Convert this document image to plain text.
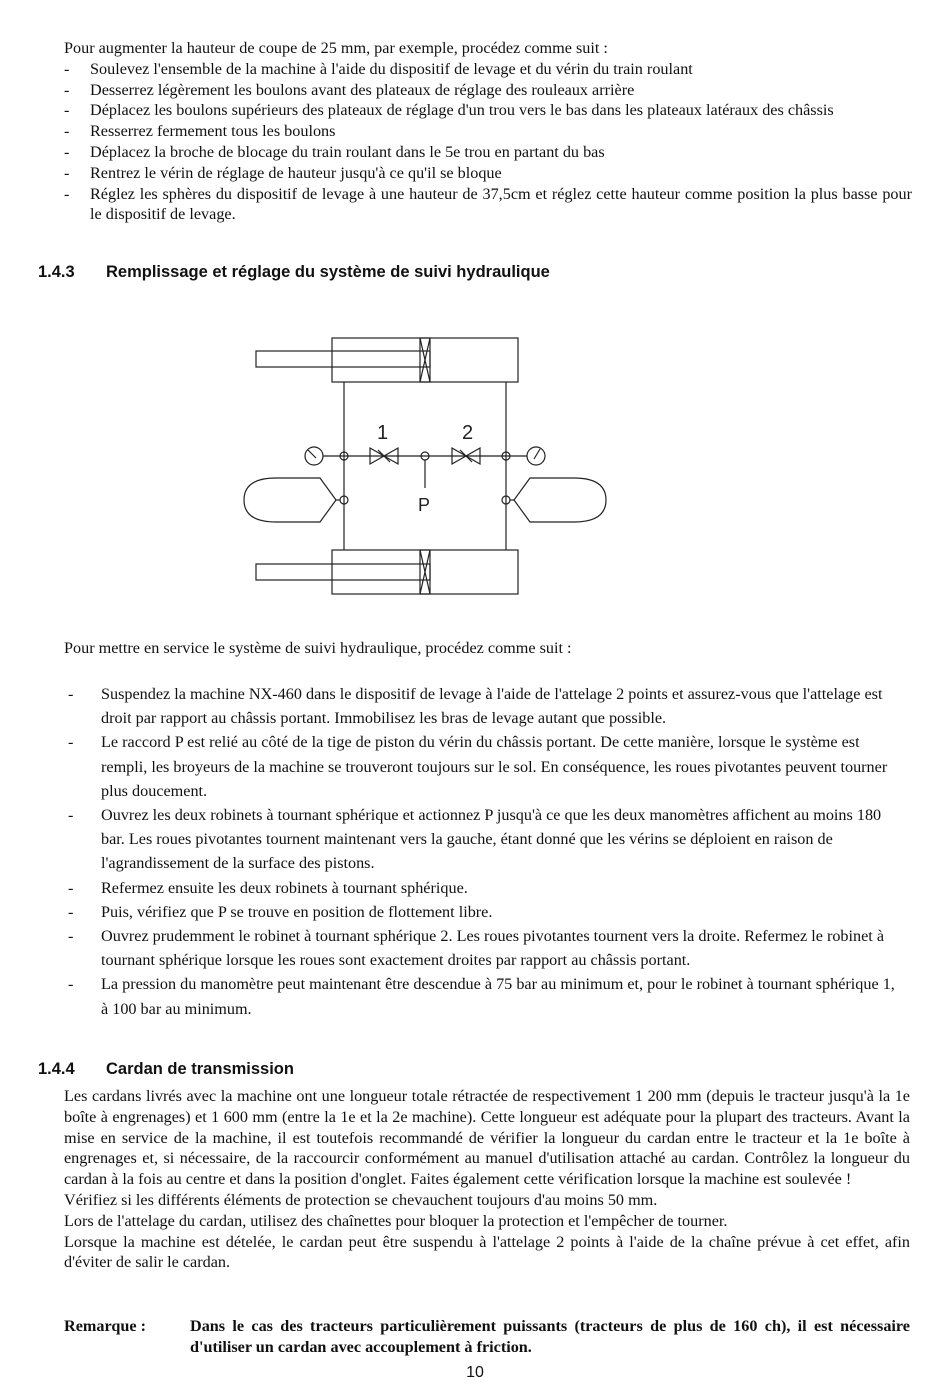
Pour augmenter la hauteur de coupe de 25 mm, par exemple, procédez comme suit :

- Soulevez l'ensemble de la machine à l'aide du dispositif de levage et du vérin du train roulant
- Desserrez légèrement les boulons avant des plateaux de réglage des rouleaux arrière
- Déplacez les boulons supérieurs des plateaux de réglage d'un trou vers le bas dans les plateaux latéraux des châssis
- Resserrez fermement tous les boulons
- Déplacez la broche de blocage du train roulant dans le 5e trou en partant du bas
- Rentrez le vérin de réglage de hauteur jusqu'à ce qu'il se bloque
- Réglez les sphères du dispositif de levage à une hauteur de 37,5cm et réglez cette hauteur comme position la plus basse pour le dispositif de levage.
1.4.3 Remplissage et réglage du système de suivi hydraulique
1	2
P

Pour mettre en service le système de suivi hydraulique, procédez comme suit :

- Suspendez la machine NX-460 dans le dispositif de levage à l'aide de l'attelage 2 points et assurez-vous que l'attelage est droit par rapport au châssis portant. Immobilisez les bras de levage autant que possible.
- Le raccord P est relié au côté de la tige de piston du vérin du châssis portant. De cette manière, lorsque le système est rempli, les broyeurs de la machine se trouveront toujours sur le sol. En conséquence, les roues pivotantes peuvent tourner plus doucement.
- Ouvrez les deux robinets à tournant sphérique et actionnez P jusqu'à ce que les deux manomètres affichent au moins 180 bar. Les roues pivotantes tournent maintenant vers la gauche, étant donné que les vérins se déploient en raison de l'agrandissement de la surface des pistons.
- Refermez ensuite les deux robinets à tournant sphérique.
- Puis, vérifiez que P se trouve en position de flottement libre.
- Ouvrez prudemment le robinet à tournant sphérique 2. Les roues pivotantes tournent vers la droite. Refermez le robinet à tournant sphérique lorsque les roues sont exactement droites par rapport au châssis portant.
- La pression du manomètre peut maintenant être descendue à 75 bar au minimum et, pour le robinet à tournant sphérique 1, à 100 bar au minimum.
1.4.4 Cardan de transmission

Les cardans livrés avec la machine ont une longueur totale rétractée de respectivement 1 200 mm (depuis le tracteur jusqu'à la 1e boîte à engrenages) et 1 600 mm (entre la 1e et la 2e machine). Cette longueur est adéquate pour la plupart des tracteurs. Avant la mise en service de la machine, il est toutefois recommandé de vérifier la longueur du cardan entre le tracteur et la 1e boîte à engrenages et, si nécessaire, de la raccourcir conformément au manuel d'utilisation attaché au cardan. Contrôlez la longueur du cardan à la fois au centre et dans la position d'onglet. Faites également cette vérification lorsque la machine est soulevée !

Vérifiez si les différents éléments de protection se chevauchent toujours d'au moins 50 mm.

Lors de l'attelage du cardan, utilisez des chaînettes pour bloquer la protection et l'empêcher de tourner.

Lorsque la machine est dételée, le cardan peut être suspendu à l'attelage 2 points à l'aide de la chaîne prévue à cet effet, afin d'éviter de salir le cardan.

Remarque :	Dans le cas des tracteurs particulièrement puissants (tracteurs de plus de 160 ch), il est nécessaire d'utiliser un cardan avec accouplement à friction.
10
